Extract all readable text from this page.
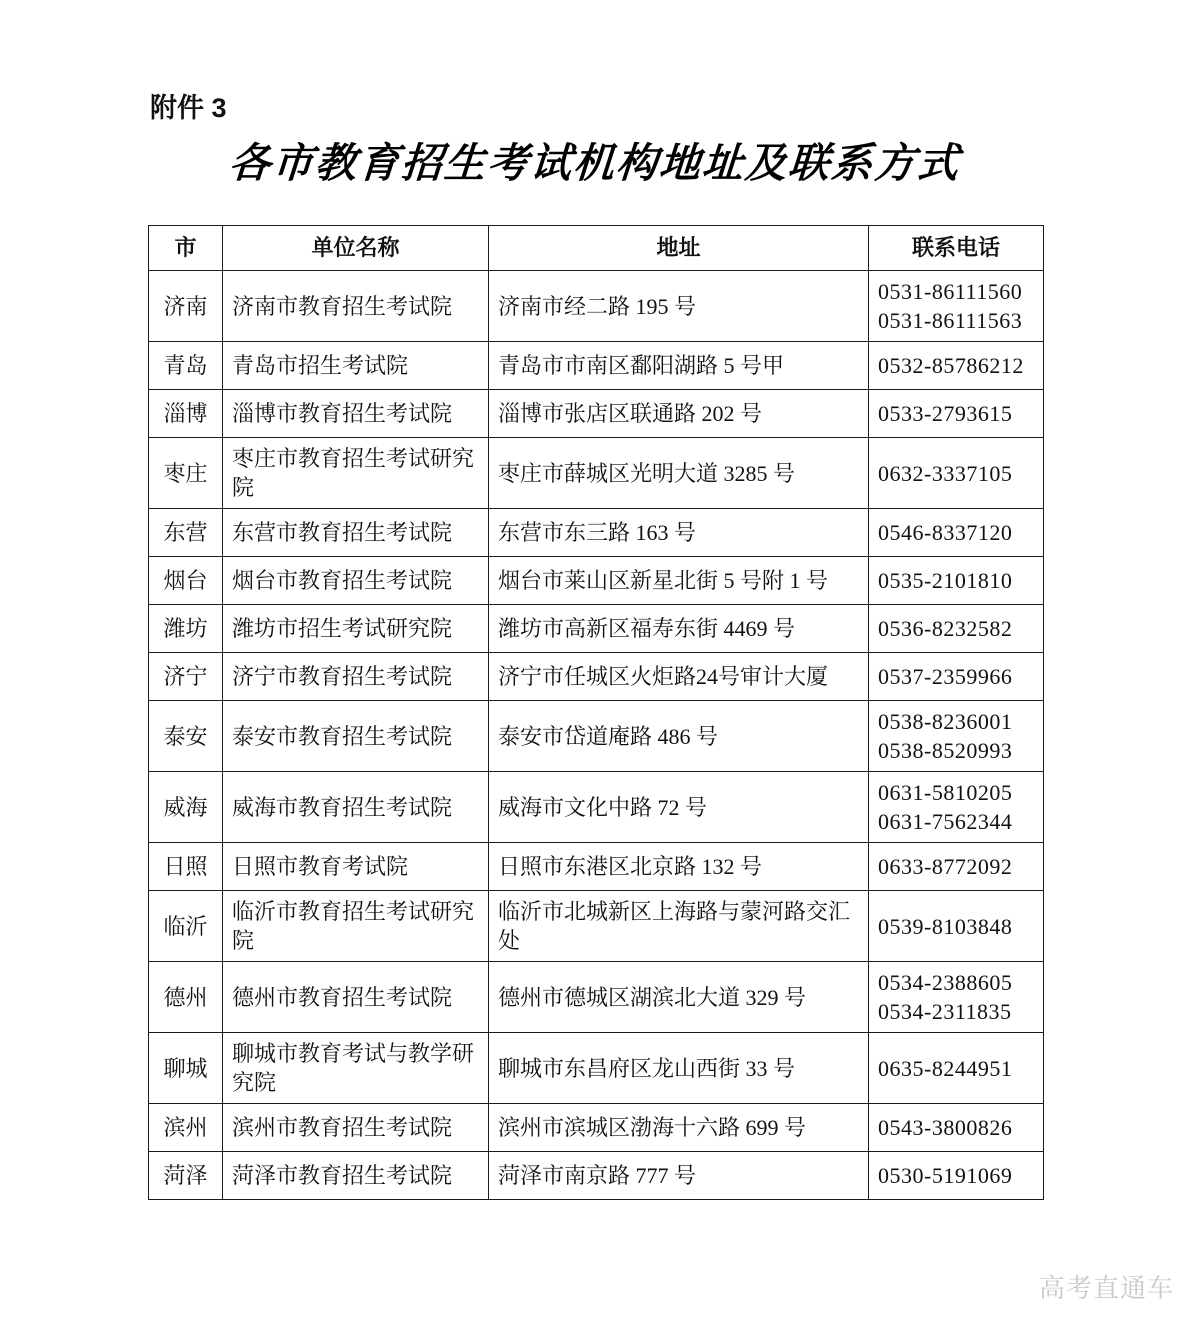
附件 3
各市教育招生考试机构地址及联系方式
市	单位名称	地址	联系电话
济南	济南市教育招生考试院	济南市经二路 195 号	0531-86111560
0531-86111563

青岛	青岛市招生考试院	青岛市市南区鄱阳湖路 5 号甲	0532-85786212

淄博	淄博市教育招生考试院	淄博市张店区联通路 202 号	0533-2793615

枣庄	枣庄市教育招生考试研究院	枣庄市薛城区光明大道 3285 号	0632-3337105

东营	东营市教育招生考试院	东营市东三路 163 号	0546-8337120

烟台	烟台市教育招生考试院	烟台市莱山区新星北街 5 号附 1 号	0535-2101810

潍坊	潍坊市招生考试研究院	潍坊市高新区福寿东街 4469 号	0536-8232582

济宁	济宁市教育招生考试院	济宁市任城区火炬路24号审计大厦	0537-2359966

泰安	泰安市教育招生考试院	泰安市岱道庵路 486 号	0538-8236001
0538-8520993

威海	威海市教育招生考试院	威海市文化中路 72 号	0631-5810205
0631-7562344

日照	日照市教育考试院	日照市东港区北京路 132 号	0633-8772092

临沂	临沂市教育招生考试研究院	临沂市北城新区上海路与蒙河路交汇处	0539-8103848

德州	德州市教育招生考试院	德州市德城区湖滨北大道 329 号	0534-2388605
0534-2311835

聊城	聊城市教育考试与教学研究院	聊城市东昌府区龙山西街 33 号	0635-8244951

滨州	滨州市教育招生考试院	滨州市滨城区渤海十六路 699 号	0543-3800826

菏泽	菏泽市教育招生考试院	菏泽市南京路 777 号	0530-5191069
高考直通车
